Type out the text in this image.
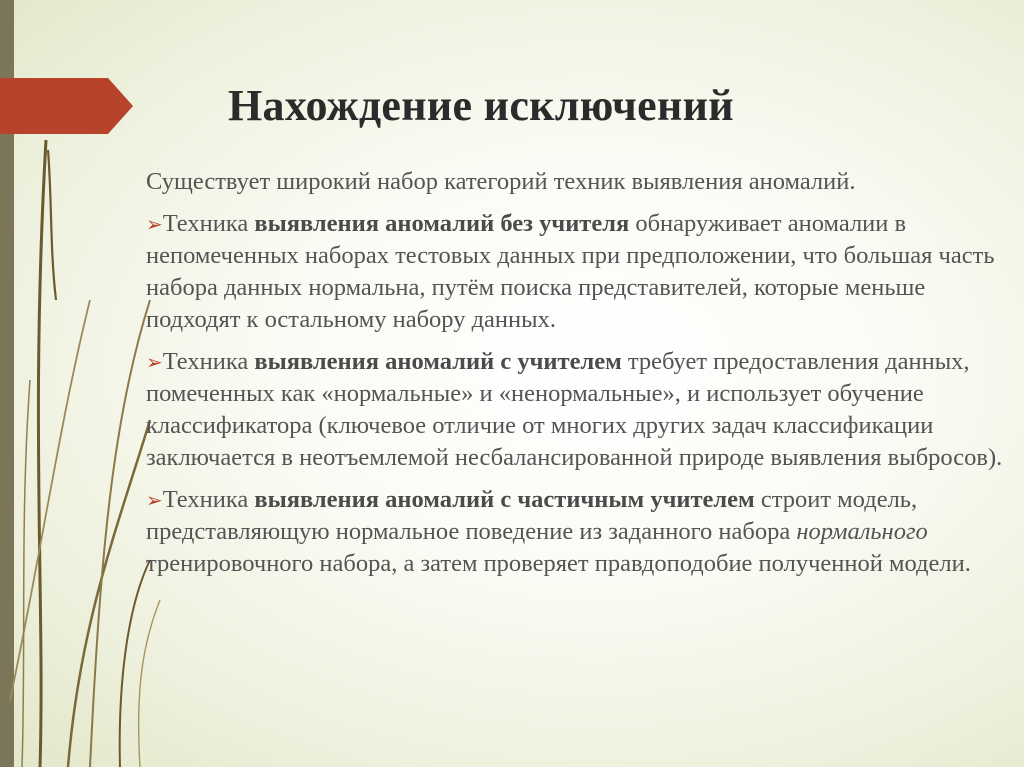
Нахождение исключений

Существует широкий набор категорий техник выявления аномалий.

➢Техника выявления аномалий без учителя обнаруживает аномалии в непомеченных наборах тестовых данных при предположении, что большая часть набора данных нормальна, путём поиска представителей, которые меньше подходят к остальному набору данных.

➢Техника выявления аномалий с учителем требует предоставления данных, помеченных как «нормальные» и «ненормальные», и использует обучение классификатора (ключевое отличие от многих других задач классификации заключается в неотъемлемой несбалансированной природе выявления выбросов).

➢Техника выявления аномалий с частичным учителем строит модель, представляющую нормальное поведение из заданного набора нормального тренировочного набора, а затем проверяет правдоподобие полученной модели.
